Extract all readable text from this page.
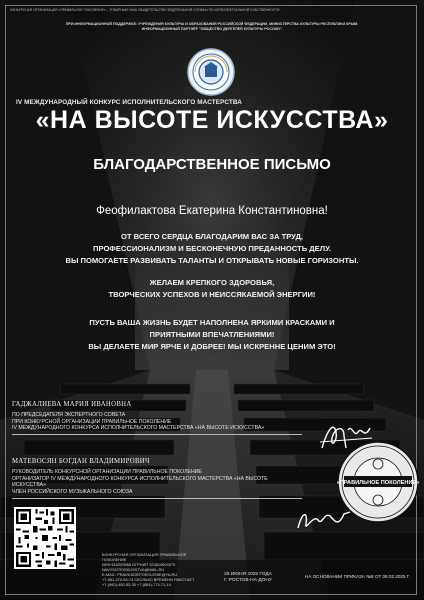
КОНКУРСНАЯ ОРГАНИЗАЦИЯ «ПРАВИЛЬНОЕ ПОКОЛЕНИЕ» – ТОВАРНЫЙ ЗНАК СВИДЕТЕЛЬСТВО ФЕДЕРАЛЬНОЙ СЛУЖБЫ ПО ИНТЕЛЛЕКТУАЛЬНОЙ СОБСТВЕННОСТИ
ПРИ ИНФОРМАЦИОННОЙ ПОДДЕРЖКЕ: УЧРЕЖДЕНИЯ КУЛЬТУРЫ И ОБРАЗОВАНИЯ РОССИЙСКОЙ ФЕДЕРАЦИИ, МИНИСТЕРСТВА КУЛЬТУРЫ РЕСПУБЛИКИ КРЫМ.
ИНФОРМАЦИОННЫЙ ПАРТНЁР "ОБЩЕСТВО ДЕЯТЕЛЕЙ КУЛЬТУРЫ РОССИИ".
IV МЕЖДУНАРОДНЫЙ КОНКУРС ИСПОЛНИТЕЛЬСКОГО МАСТЕРСТВА
«НА ВЫСОТЕ ИСКУССТВА»
БЛАГОДАРСТВЕННОЕ ПИСЬМО
Феофилактова Екатерина Константиновна!
ОТ ВСЕГО СЕРДЦА БЛАГОДАРИМ ВАС ЗА ТРУД,
ПРОФЕССИОНАЛИЗМ И БЕСКОНЕЧНУЮ ПРЕДАННОСТЬ ДЕЛУ.
ВЫ ПОМОГАЕТЕ РАЗВИВАТЬ ТАЛАНТЫ И ОТКРЫВАТЬ НОВЫЕ ГОРИЗОНТЫ.
ЖЕЛАЕМ КРЕПКОГО ЗДОРОВЬЯ,
ТВОРЧЕСКИХ УСПЕХОВ И НЕИССЯКАЕМОЙ ЭНЕРГИИ!
ПУСТЬ ВАША ЖИЗНЬ БУДЕТ НАПОЛНЕНА ЯРКИМИ КРАСКАМИ И
ПРИЯТНЫМИ ВПЕЧАТЛЕНИЯМИ!
ВЫ ДЕЛАЕТЕ МИР ЯРЧЕ И ДОБРЕЕ! МЫ ИСКРЕННЕ ЦЕНИМ ЭТО!
ГАДЖАЛИЕВА МАРИЯ ИВАНОВНА
ПО ПРЕДСЕДАТЕЛЯ ЭКСПЕРТНОГО СОВЕТА
ПРИ КОНКУРСНОЙ ОРГАНИЗАЦИИ ПРАВИЛЬНОЕ ПОКОЛЕНИЕ
IV МЕЖДУНАРОДНОГО КОНКУРСА ИСПОЛНИТЕЛЬСКОГО МАСТЕРСТВА «НА ВЫСОТЕ ИСКУССТВА»
МАТЕВОСЯН БОГДАН ВЛАДИМИРОВИЧ
РУКОВОДИТЕЛЬ КОНКУРСНОЙ ОРГАНИЗАЦИИ ПРАВИЛЬНОЕ ПОКОЛЕНИЕ
ОРГАНИЗАТОР IV МЕЖДУНАРОДНОГО КОНКУРСА ИСПОЛНИТЕЛЬСКОГО МАСТЕРСТВА «НА ВЫСОТЕ ИСКУССТВА»
ЧЛЕН РОССИЙСКОГО МУЗЫКАЛЬНОГО СОЮЗА
«ПРАВИЛЬНОЕ ПОКОЛЕНИЕ»
КОНКУРСНАЯ ОРГАНИЗАЦИЯ ПРАВИЛЬНОЕ ПОКОЛЕНИЕ
ИНН 616203968 ОГРНИП 323619600275
NAVYSOTEISKUSSTVA@MAIL.RU
E-MAIL: PRAVILNOEPOKOLENIE@YA.RU
+7-961-270-54-74 СКОЛЬКО ВРЕМЕНИ РАБОТАЕТ
+7-(960)-450-53-35 +7-(864)-773-71-14
25 ИЮНЯ 2025 ГОДА
Г. РОСТОВ-НА-ДОНУ
НА ОСНОВАНИИ ПРИКАЗА №8 ОТ 08.02.2025 Г.
